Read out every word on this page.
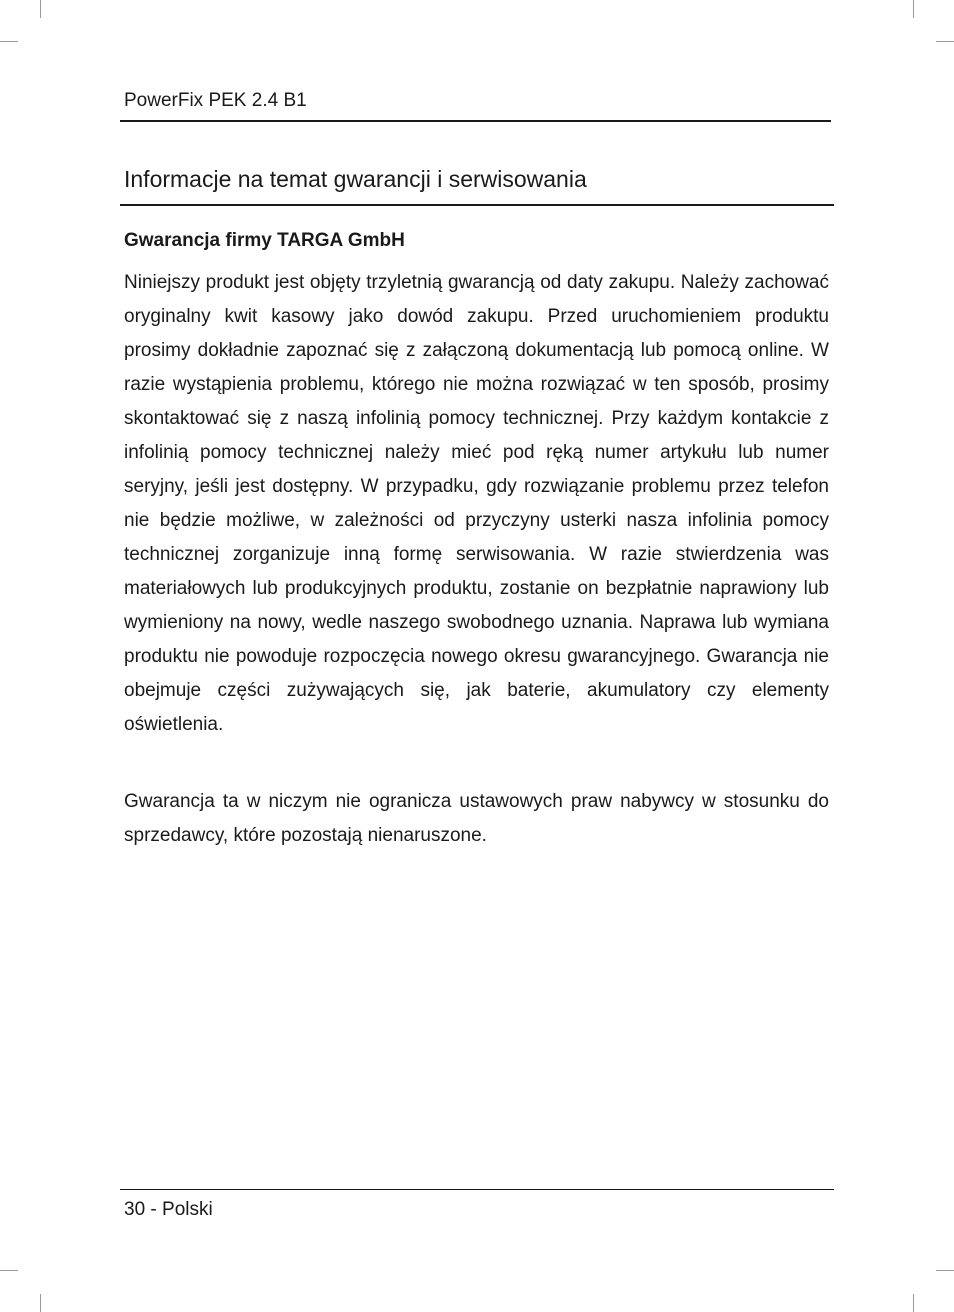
PowerFix PEK 2.4 B1
Informacje na temat gwarancji i serwisowania
Gwarancja firmy TARGA GmbH

Niniejszy produkt jest objęty trzyletnią gwarancją od daty zakupu. Należy zachować oryginalny kwit kasowy jako dowód zakupu. Przed uruchomieniem produktu prosimy dokładnie zapoznać się z załączoną dokumentacją lub pomocą online. W razie wystąpienia problemu, którego nie można rozwiązać w ten sposób, prosimy skontaktować się z naszą infolinią pomocy technicznej. Przy każdym kontakcie z infolinią pomocy technicznej należy mieć pod ręką numer artykułu lub numer seryjny, jeśli jest dostępny. W przypadku, gdy rozwiązanie problemu przez telefon nie będzie możliwe, w zależności od przyczyny usterki nasza infolinia pomocy technicznej zorganizuje inną formę serwisowania. W razie stwierdzenia was materiałowych lub produkcyjnych produktu, zostanie on bezpłatnie naprawiony lub wymieniony na nowy, wedle naszego swobodnego uznania. Naprawa lub wymiana produktu nie powoduje rozpoczęcia nowego okresu gwarancyjnego. Gwarancja nie obejmuje części zużywających się, jak baterie, akumulatory czy elementy oświetlenia.

Gwarancja ta w niczym nie ogranicza ustawowych praw nabywcy w stosunku do sprzedawcy, które pozostają nienaruszone.

30 - Polski
